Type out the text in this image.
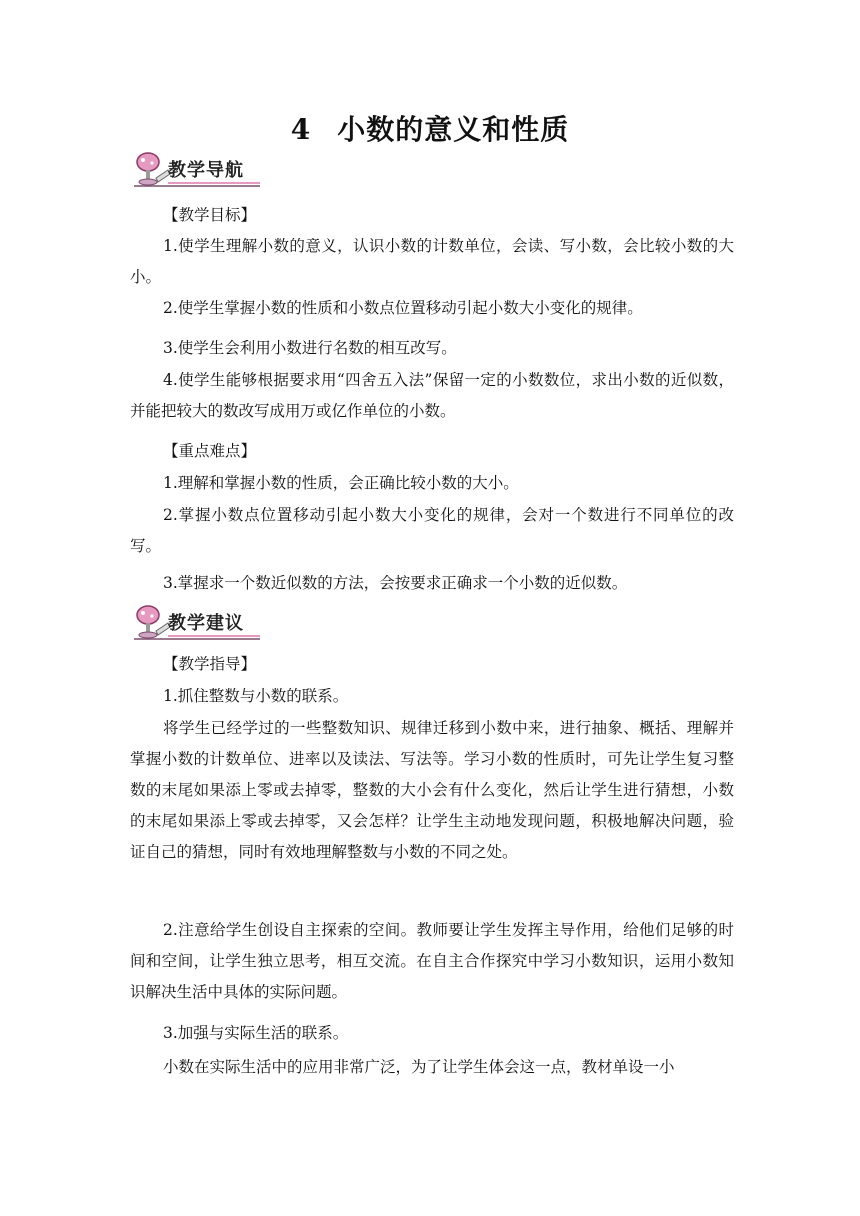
4 小数的意义和性质
教学导航
【教学目标】
1.使学生理解小数的意义，认识小数的计数单位，会读、写小数，会比较小数的大小。
2.使学生掌握小数的性质和小数点位置移动引起小数大小变化的规律。
3.使学生会利用小数进行名数的相互改写。
4.使学生能够根据要求用“四舍五入法”保留一定的小数数位，求出小数的近似数，并能把较大的数改写成用万或亿作单位的小数。
【重点难点】
1.理解和掌握小数的性质，会正确比较小数的大小。
2.掌握小数点位置移动引起小数大小变化的规律，会对一个数进行不同单位的改写。
3.掌握求一个数近似数的方法，会按要求正确求一个小数的近似数。
教学建议
【教学指导】
1.抓住整数与小数的联系。
将学生已经学过的一些整数知识、规律迁移到小数中来，进行抽象、概括、理解并掌握小数的计数单位、进率以及读法、写法等。学习小数的性质时，可先让学生复习整数的末尾如果添上零或去掉零，整数的大小会有什么变化，然后让学生进行猜想，小数的末尾如果添上零或去掉零，又会怎样？让学生主动地发现问题，积极地解决问题，验证自己的猜想，同时有效地理解整数与小数的不同之处。
2.注意给学生创设自主探索的空间。教师要让学生发挥主导作用，给他们足够的时间和空间，让学生独立思考，相互交流。在自主合作探究中学习小数知识，运用小数知识解决生活中具体的实际问题。
3.加强与实际生活的联系。
小数在实际生活中的应用非常广泛，为了让学生体会这一点，教材单设一小
